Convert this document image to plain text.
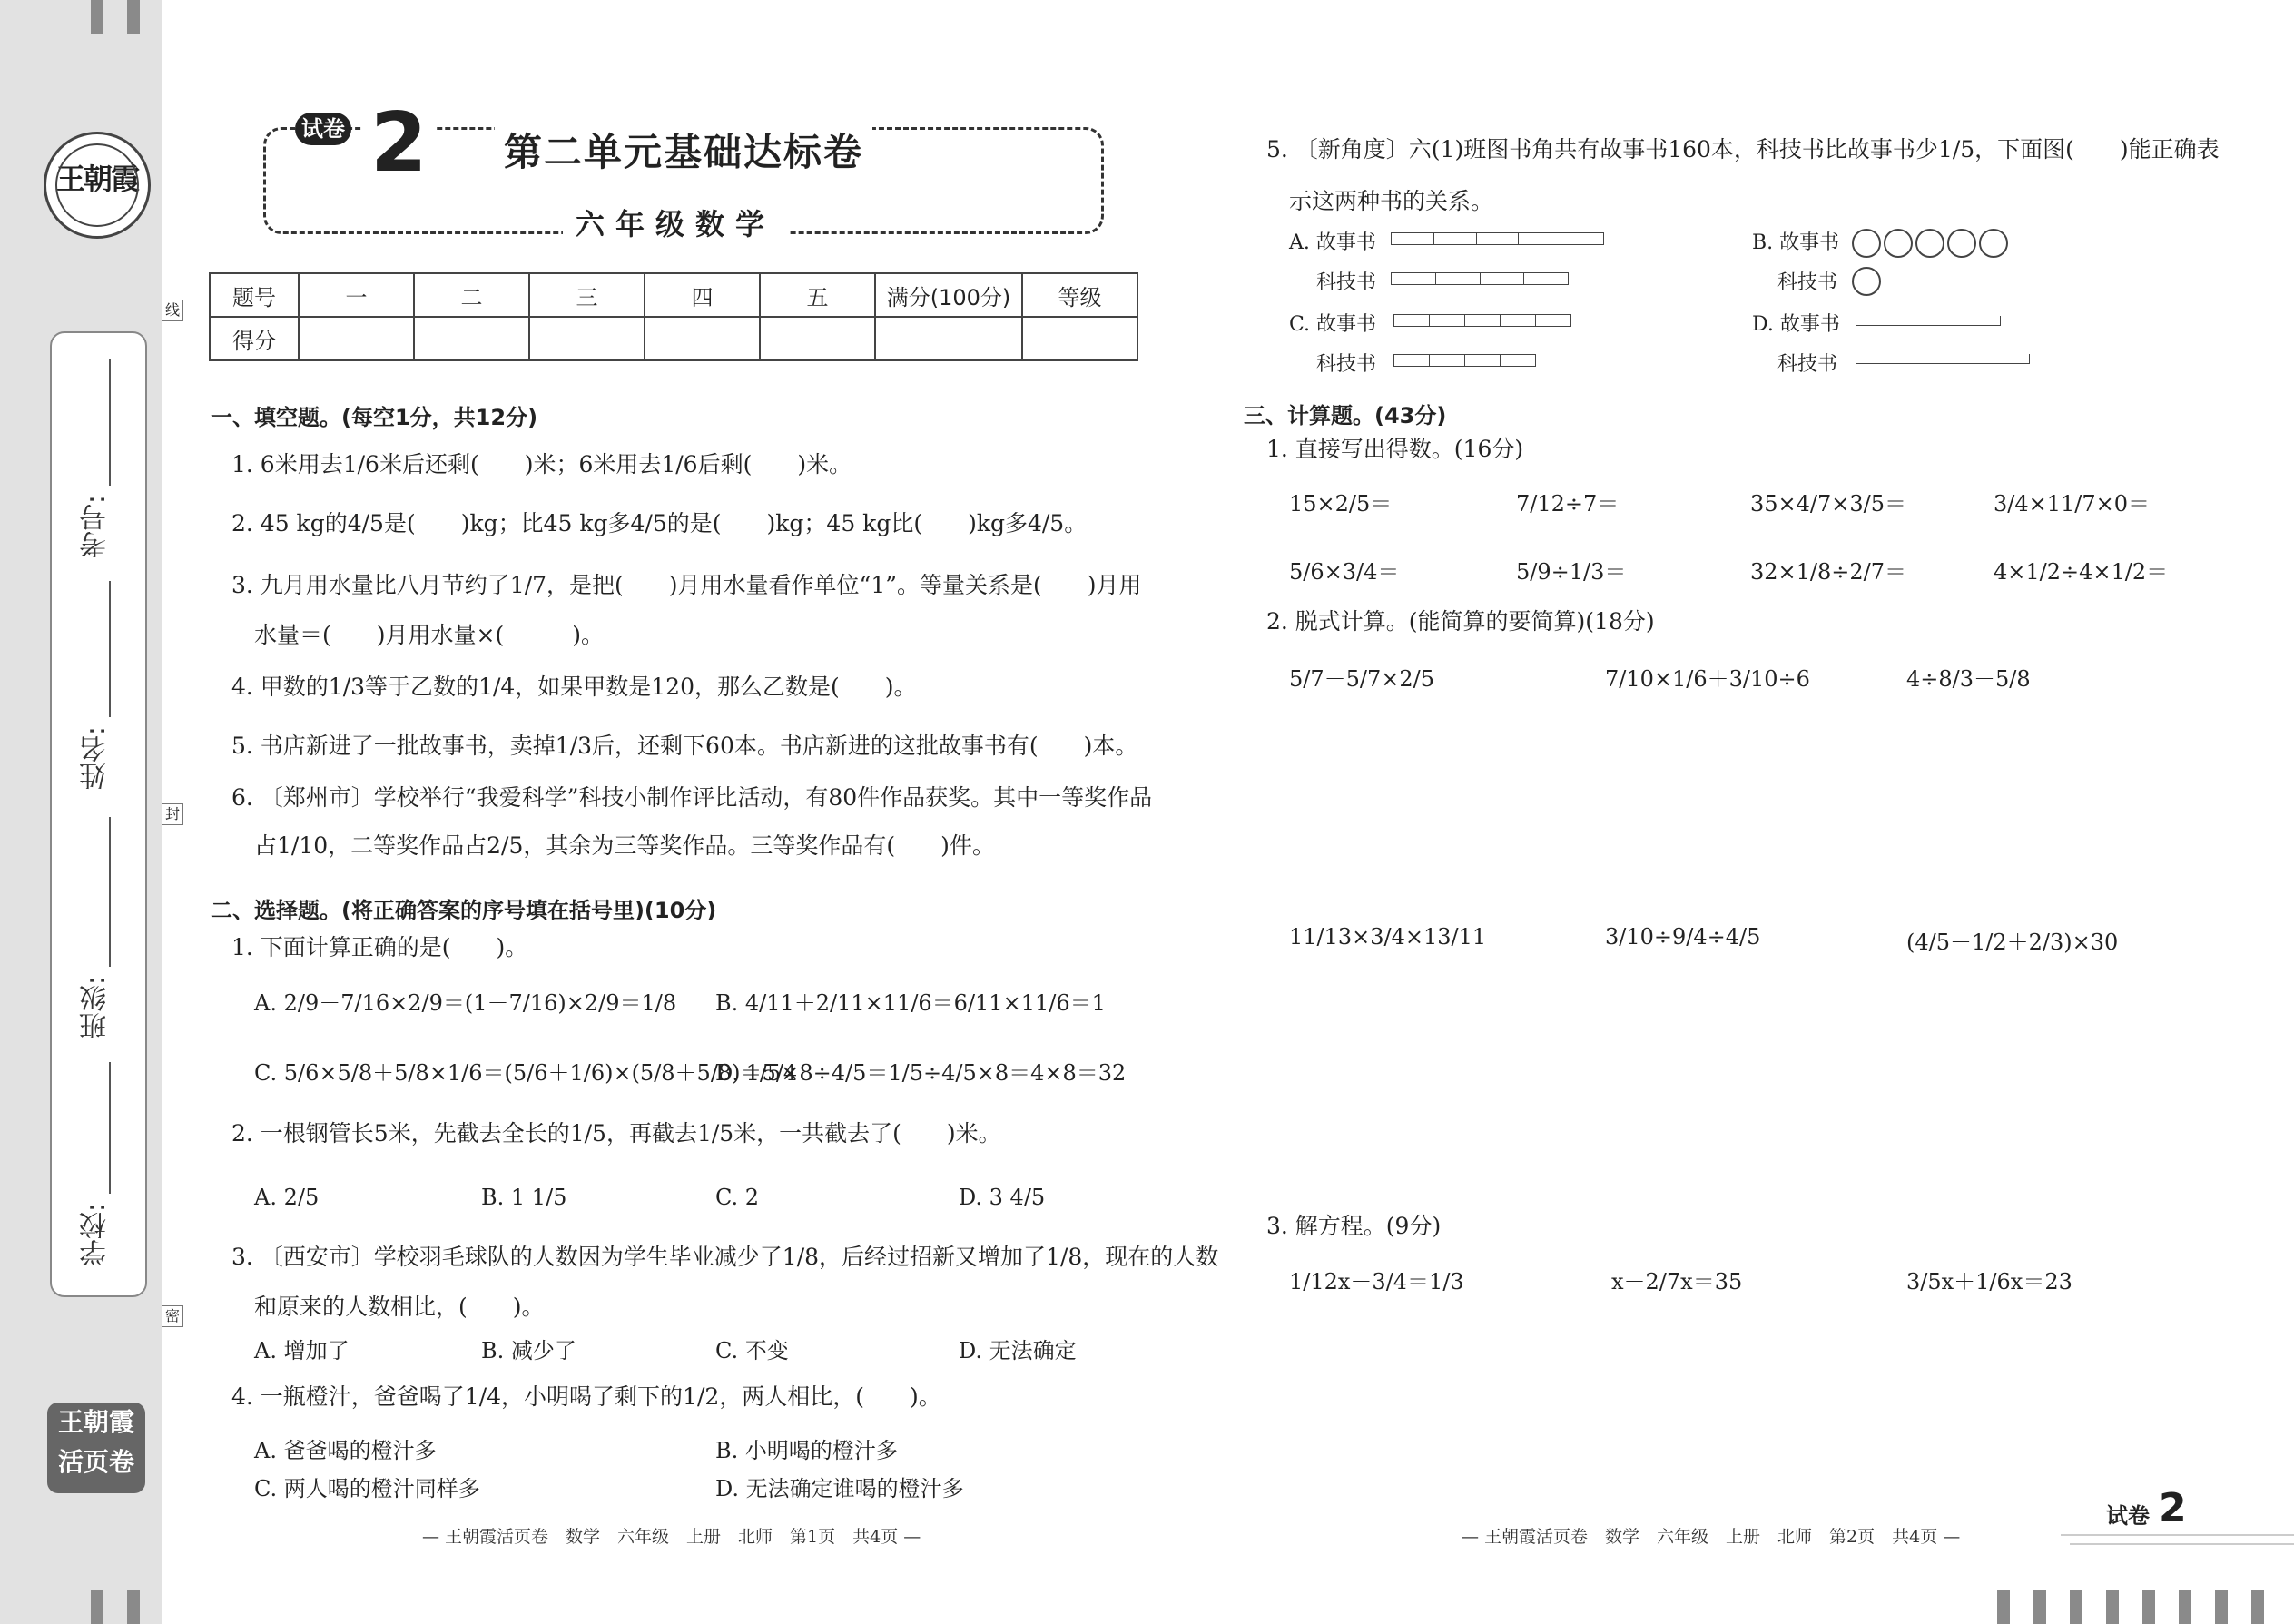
王朝霞
考号:
姓名:
班级:
学校:
线
封
密
王朝霞
活页卷
试卷 2 第二单元基础达标卷
六年级数学
题号	一	二	三	四	五	满分(100分)	等级
得分							
一、填空题。(每空1分，共12分)
1. 6米用去1/6米后还剩(　　)米；6米用去1/6后剩(　　)米。
2. 45 kg的4/5是(　　)kg；比45 kg多4/5的是(　　)kg；45 kg比(　　)kg多4/5。
3. 九月用水量比八月节约了1/7，是把(　　)月用水量看作单位“1”。等量关系是(　　)月用
水量＝(　　)月用水量×(　　　)。
4. 甲数的1/3等于乙数的1/4，如果甲数是120，那么乙数是(　　)。
5. 书店新进了一批故事书，卖掉1/3后，还剩下60本。书店新进的这批故事书有(　　)本。
6. 〔郑州市〕学校举行“我爱科学”科技小制作评比活动，有80件作品获奖。其中一等奖作品
占1/10，二等奖作品占2/5，其余为三等奖作品。三等奖作品有(　　)件。
二、选择题。(将正确答案的序号填在括号里)(10分)
1. 下面计算正确的是(　　)。
A. 2/9－7/16×2/9＝(1－7/16)×2/9＝1/8 B. 4/11＋2/11×11/6＝6/11×11/6＝1
C. 5/6×5/8＋5/8×1/6＝(5/6＋1/6)×(5/8＋5/8)＝5/4
D. 1/5×8÷4/5＝1/5÷4/5×8＝4×8＝32
2. 一根钢管长5米，先截去全长的1/5，再截去1/5米，一共截去了(　　)米。
A. 2/5	B. 1 1/5	C. 2	D. 3 4/5
3. 〔西安市〕学校羽毛球队的人数因为学生毕业减少了1/8，后经过招新又增加了1/8，现在的人数
和原来的人数相比，(　　)。
A. 增加了	B. 减少了	C. 不变	D. 无法确定
4. 一瓶橙汁，爸爸喝了1/4，小明喝了剩下的1/2，两人相比，(　　)。
A. 爸爸喝的橙汁多	B. 小明喝的橙汁多
C. 两人喝的橙汁同样多	D. 无法确定谁喝的橙汁多
— 王朝霞活页卷　数学　六年级　上册　北师　第1页　共4页 —
5. 〔新角度〕六(1)班图书角共有故事书160本，科技书比故事书少1/5，下面图(　　)能正确表
示这两种书的关系。
A. 故事书
科技书
B. 故事书
科技书
C. 故事书
科技书
D. 故事书
科技书
三、计算题。(43分)
1. 直接写出得数。(16分)
15×2/5＝	7/12÷7＝	35×4/7×3/5＝	3/4×11/7×0＝
5/6×3/4＝	5/9÷1/3＝	32×1/8÷2/7＝	4×1/2÷4×1/2＝
2. 脱式计算。(能简算的要简算)(18分)
5/7－5/7×2/5	7/10×1/6＋3/10÷6	4÷8/3－5/8
11/13×3/4×13/11	3/10÷9/4÷4/5	(4/5－1/2＋2/3)×30
3. 解方程。(9分)
1/12x－3/4＝1/3	x－2/7x＝35	3/5x＋1/6x＝23
— 王朝霞活页卷　数学　六年级　上册　北师　第2页　共4页 —
试卷 2
